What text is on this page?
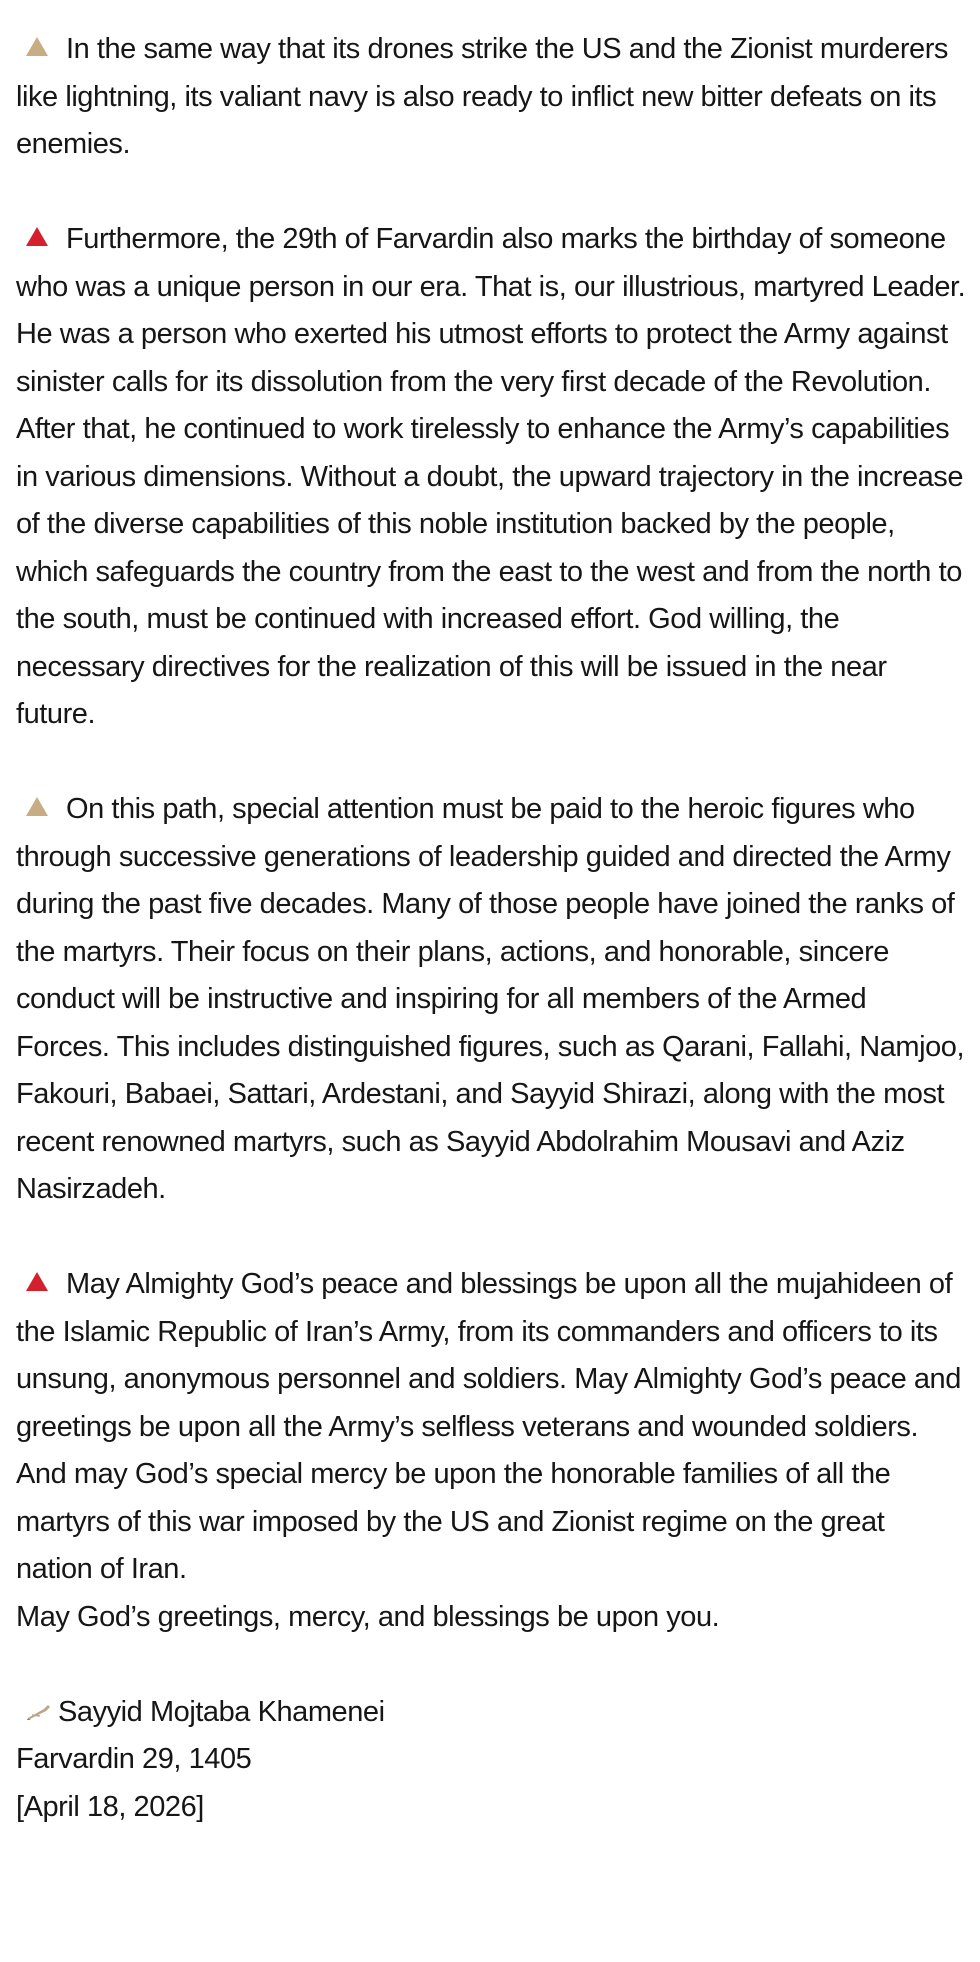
In the same way that its drones strike the US and the Zionist murderers like lightning, its valiant navy is also ready to inflict new bitter defeats on its enemies.

Furthermore, the 29th of Farvardin also marks the birthday of someone who was a unique person in our era. That is, our illustrious, martyred Leader. He was a person who exerted his utmost efforts to protect the Army against sinister calls for its dissolution from the very first decade of the Revolution. After that, he continued to work tirelessly to enhance the Army’s capabilities in various dimensions. Without a doubt, the upward trajectory in the increase of the diverse capabilities of this noble institution backed by the people, which safeguards the country from the east to the west and from the north to the south, must be continued with increased effort. God willing, the necessary directives for the realization of this will be issued in the near future.

On this path, special attention must be paid to the heroic figures who through successive generations of leadership guided and directed the Army during the past five decades. Many of those people have joined the ranks of the martyrs. Their focus on their plans, actions, and honorable, sincere conduct will be instructive and inspiring for all members of the Armed Forces. This includes distinguished figures, such as Qarani, Fallahi, Namjoo, Fakouri, Babaei, Sattari, Ardestani, and Sayyid Shirazi, along with the most recent renowned martyrs, such as Sayyid Abdolrahim Mousavi and Aziz Nasirzadeh.

May Almighty God’s peace and blessings be upon all the mujahideen of the Islamic Republic of Iran’s Army, from its commanders and officers to its unsung, anonymous personnel and soldiers. May Almighty God’s peace and greetings be upon all the Army’s selfless veterans and wounded soldiers. And may God’s special mercy be upon the honorable families of all the martyrs of this war imposed by the US and Zionist regime on the great nation of Iran.

May God’s greetings, mercy, and blessings be upon you.

Sayyid Mojtaba Khamenei

Farvardin 29, 1405

[April 18, 2026]
